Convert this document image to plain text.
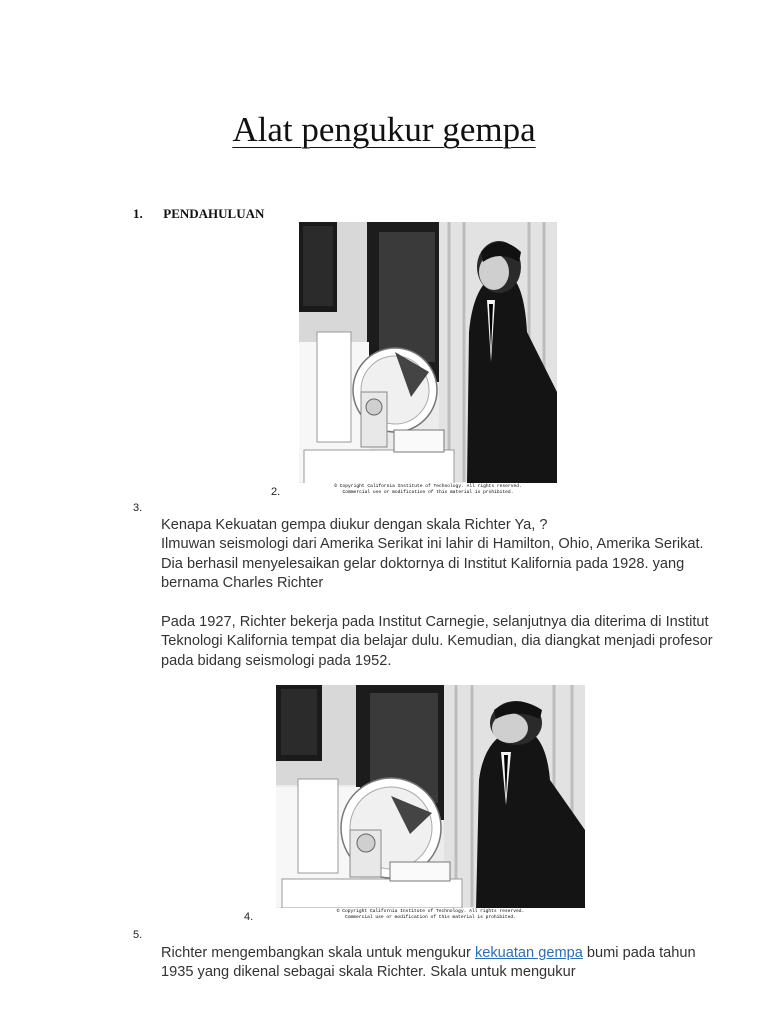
Alat pengukur gempa
1. PENDAHULUAN
© Copyright California Institute of Technology. All rights reserved.
Commercial use or modification of this material is prohibited.
2.
3.

Kenapa Kekuatan gempa diukur dengan skala Richter Ya, ?

Ilmuwan seismologi dari Amerika Serikat ini lahir di Hamilton, Ohio, Amerika Serikat. Dia berhasil menyelesaikan gelar doktornya di Institut Kalifornia pada 1928. yang bernama Charles Richter

Pada 1927, Richter bekerja pada Institut Carnegie, selanjutnya dia diterima di Institut Teknologi Kalifornia tempat dia belajar dulu. Kemudian, dia diangkat menjadi profesor pada bidang seismologi pada 1952.

© Copyright California Institute of Technology. All rights reserved.
Commercial use or modification of this material is prohibited.
4.
5.

Richter mengembangkan skala untuk mengukur kekuatan gempa bumi pada tahun 1935 yang dikenal sebagai skala Richter. Skala untuk mengukur
